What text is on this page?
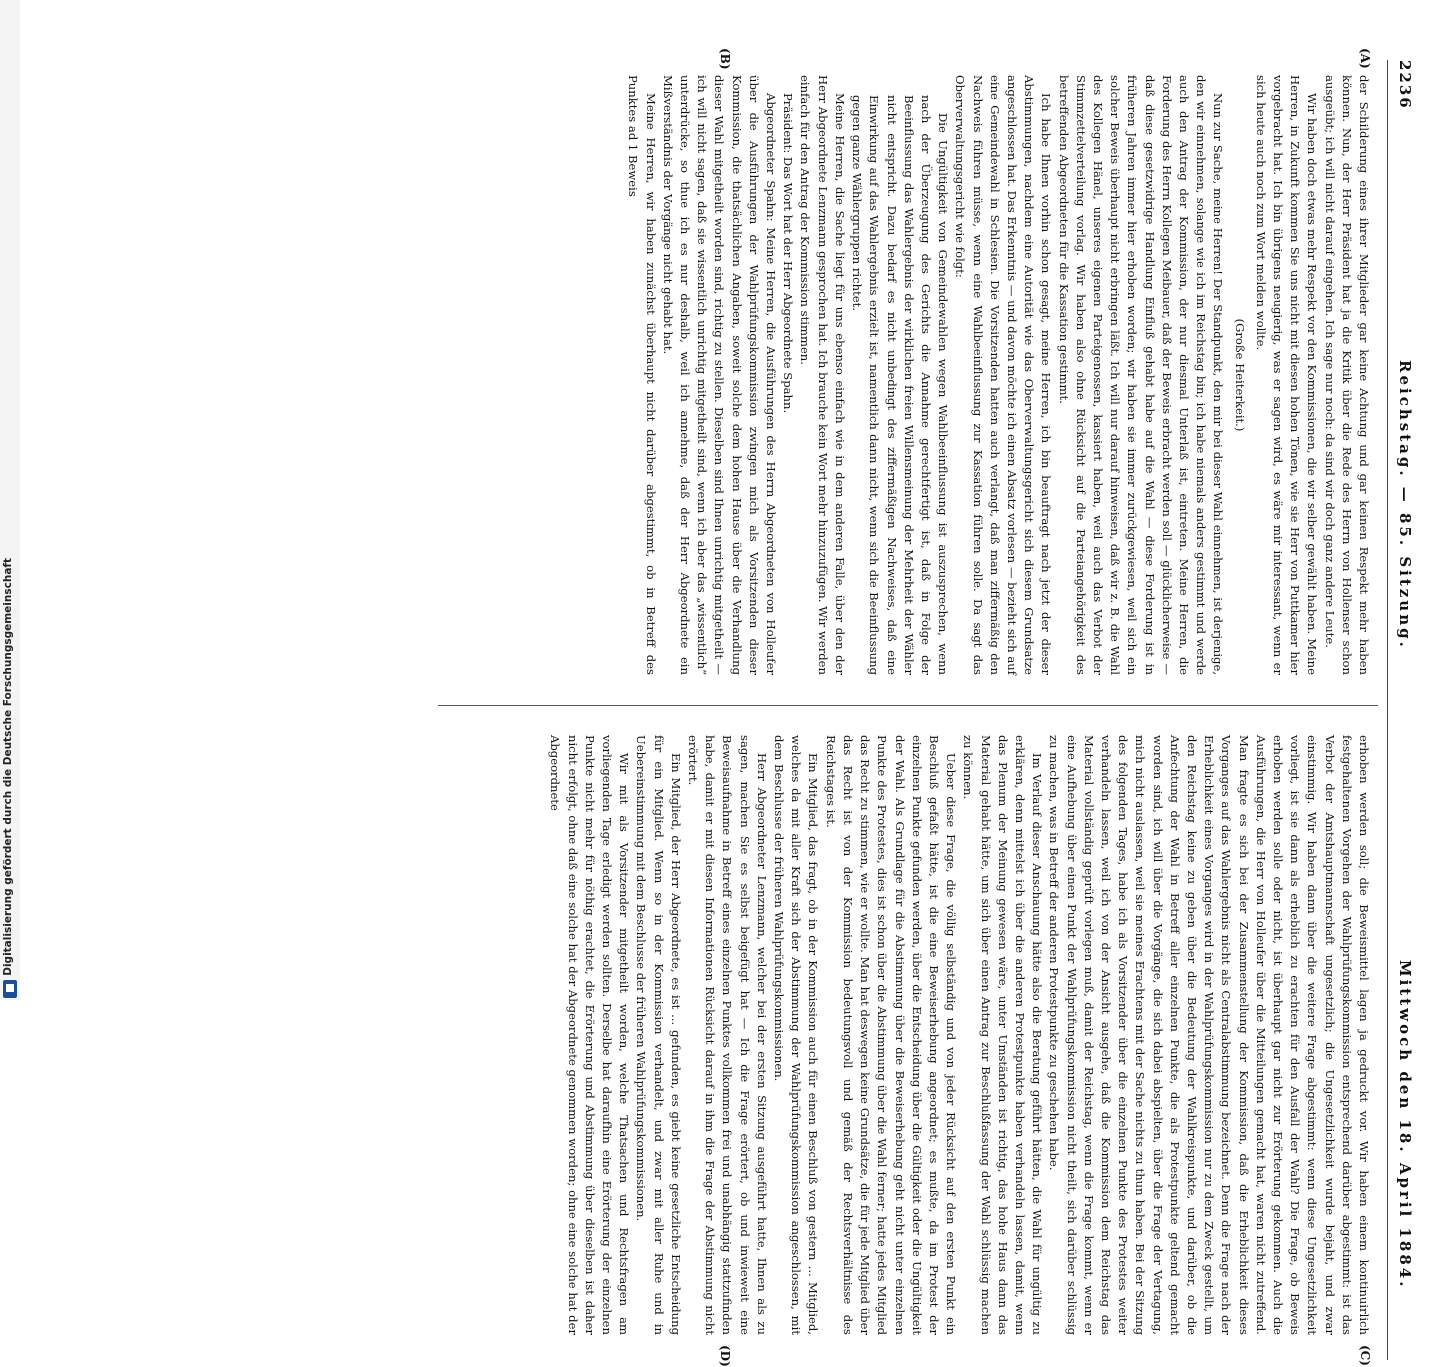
2236
Reichstag. — 85. Sitzung.
Mittwoch den 18. April 1884.
(A)
(B)
(C)
(D)

der Schilderung eines ihrer Mitglieder gar keine Achtung und gar keinen Respekt mehr haben können. Nun, der Herr Präsident hat ja die Kritik über die Rede des Herrn von Hollenser schon ausgeübt; ich will nicht darauf eingehen. Ich sage nur noch: da sind wir doch ganz andere Leute.

Wir haben doch etwas mehr Respekt vor den Kommissionen, die wir selber gewählt haben. Meine Herren, in Zukunft kommen Sie uns nicht mit diesen hohen Tönen, wie sie Herr von Puttkamer hier vorgebracht hat. Ich bin übrigens neugierig, was er sagen wird, es wäre mir interessant, wenn er sich heute auch noch zum Wort melden wollte.

(Große Heiterkeit.)

Nun zur Sache, meine Herren! Der Standpunkt, den mir bei dieser Wahl einnehmen, ist derjenige, den wir einnehmen, solange wie ich im Reichstag bin; ich habe niemals anders gestimmt und werde auch den Antrag der Kommission, der nur diesmal Unterlaß ist, eintreten. Meine Herren, die Forderung des Herrn Kollegen Meibauer, daß der Beweis erbracht werden soll — glücklicherweise — daß diese gesetzwidrige Handlung Einfluß gehabt habe auf die Wahl — diese Forderung ist in früheren Jahren immer hier erhoben worden; wir haben sie immer zurückgewiesen, weil sich ein solcher Beweis überhaupt nicht erbringen läßt. Ich will nur darauf hinweisen, daß wir z. B. die Wahl des Kollegen Hänel, unseres eigenen Parteigenossen, kassiert haben, weil auch das Verbot der Stimmzettelverteilung vorlag. Wir haben also ohne Rücksicht auf die Parteiangehörigkeit des betreffenden Abgeordneten für die Kassation gestimmt.

Ich habe Ihnen vorhin schon gesagt, meine Herren, ich bin beauftragt nach jetzt der dieser Abstimmungen, nachdem eine Autorität wie das Oberverwaltungsgericht sich diesem Grundsatze angeschlossen hat. Das Erkenntnis — und davon möchte ich einen Absatz vorlesen — bezieht sich auf eine Gemeindewahl in Schlesien. Die Vorsitzenden hatten auch verlangt, daß man ziffermäßig den Nachweis führen müsse, wenn eine Wahlbeeinflussung zur Kassation führen solle. Da sagt das Oberverwaltungsgericht wie folgt:

Die Ungültigkeit von Gemeindewahlen wegen Wahlbeeinflussung ist auszusprechen, wenn nach der Überzeugung des Gerichts die Annahme gerechtfertigt ist, daß in Folge der Beeinflussung das Wahlergebnis der wirklichen freien Willensmeinung der Mehrheit der Wähler nicht entspricht. Dazu bedarf es nicht unbedingt des ziffermäßigen Nachweises, daß eine Einwirkung auf das Wahlergebnis erzielt ist, namentlich dann nicht, wenn sich die Beeinflussung gegen ganze Wählergruppen richtet.

Meine Herren, die Sache liegt für uns ebenso einfach wie in dem anderen Falle, über den der Herr Abgeordnete Lenzmann gesprochen hat. Ich brauche kein Wort mehr hinzuzufügen. Wir werden einfach für den Antrag der Kommission stimmen.

Präsident: Das Wort hat der Herr Abgeordnete Spahn.

Abgeordneter Spahn: Meine Herren, die Ausführungen des Herrn Abgeordneten von Holleufer über die Ausführungen der Wahlprüfungskommission zwingen mich als Vorsitzenden dieser Kommission, die thatsächlichen Angaben, soweit solche dem hohen Hause über die Verhandlung dieser Wahl mitgetheilt worden sind, richtig zu stellen. Dieselben sind Ihnen unrichtig mitgetheilt — ich will nicht sagen, daß sie wissentlich unrichtig mitgetheilt sind, wenn ich aber das „wissentlich“ unterdrücke, so thue ich es nur deshalb, weil ich annehme, daß der Herr Abgeordnete ein Mißverständnis der Vorgänge nicht gehabt hat.

Meine Herren, wir haben zunächst überhaupt nicht darüber abgestimmt, ob in Betreff des Punktes ad 1 Beweis

erhoben werden soll; die Beweismittel lagen ja gedruckt vor. Wir haben einem kontinuirlich festgehaltenen Vorgehen der Wahlprüfungskommission entsprechend darüber abgestimmt: ist das Verbot der Amtshauptmannschaft ungesetzlich; die Ungesetzlichkeit wurde bejaht, und zwar einstimmig. Wir haben dann über die weitere Frage abgestimmt: wenn diese Ungesetzlichkeit vorliegt, ist sie dann als erheblich zu erachten für den Ausfall der Wahl? Die Frage, ob Beweis erhoben werden solle oder nicht, ist überhaupt gar nicht zur Erörterung gekommen. Auch die Ausführungen, die Herr von Holleufer über die Mitteilungen gemacht hat, waren nicht zutreffend. Man fragte es sich bei der Zusammenstellung der Kommission, daß die Erheblichkeit dieses Vorganges auf das Wahlergebnis nicht als Centralabstimmung bezeichnet. Denn die Frage nach der Erheblichkeit eines Vorganges wird in der Wahlprüfungskommission nur zu dem Zweck gestellt, um den Reichstag keine zu geben über die Bedeutung der Wahlkreispunkte, und darüber, ob die Anfechtung der Wahl in Betreff aller einzelnen Punkte, die als Protestpunkte geltend gemacht worden sind, ich will über die Vorgänge, die sich dabei abspielten, über die Frage der Vertagung, mich nicht auslassen, weil sie meines Erachtens mit der Sache nichts zu thun haben. Bei der Sitzung des folgenden Tages, habe ich als Vorsitzender über die einzelnen Punkte des Protestes weiter verhandeln lassen, weil ich von der Ansicht ausgehe, daß die Kommission dem Reichstag das Material vollständig geprüft vorlegen muß, damit der Reichstag, wenn die Frage kommt, wenn er eine Aufhebung über einen Punkt der Wahlprüfungskommission nicht theilt, sich darüber schlüssig zu machen, was in Betreff der anderen Protestpunkte zu geschehen habe.

Im Verlauf dieser Anschauung hätte also die Beratung geführt hätten, die Wahl für ungültig zu erklären, denn mittelst ich über die anderen Protestpunkte haben verhandeln lassen, damit, wenn das Plenum der Meinung gewesen wäre, unter Umständen ist richtig, das hohe Haus dann das Material gehabt hätte, um sich über einen Antrag zur Beschlußfassung der Wahl schlüssig machen zu können.

Ueber diese Frage, die völlig selbständig und von jeder Rücksicht auf den ersten Punkt ein Beschluß gefaßt hätte, ist die eine Beweiserhebung angeordnet; es mußte, da im Protest der einzelnen Punkte gefunden werden, über die Entscheidung über die Gültigkeit oder die Ungültigkeit der Wahl. Als Grundlage für die Abstimmung über die Beweiserhebung geht nicht unter einzelnen Punkte des Protestes, dies ist schon über die Abstimmung über die Wahl ferner; hatte jedes Mitglied das Recht zu stimmen, wie er wollte. Man hat deswegen keine Grundsätze, die für jede Mitglied über das Recht ist von der Kommission bedeutungsvoll und gemäß der Rechtsverhältnisse des Reichstages ist.

Ein Mitglied, das fragt, ob in der Kommission auch für einen Beschluß von gestern ... Mitglied, welches da mit aller Kraft sich der Abstimmung der Wahlprüfungskommission angeschlossen, mit dem Beschlusse der früheren Wahlprüfungskommissionen.

Herr Abgeordneter Lenzmann, welcher bei der ersten Sitzung ausgeführt hatte, Ihnen als zu sagen, machen Sie es selbst beigefügt hat — Ich die Frage erörtert, ob und inwieweit eine Beweisaufnahme in Betreff eines einzelnen Punktes vollkommen frei und unabhängig stattzufinden habe, damit er mit diesen Informationen Rücksicht darauf in ihm die Frage der Abstimmung nicht erörtert.

Ein Mitglied, der Herr Abgeordnete, es ist ... gefunden, es giebt keine gesetzliche Entscheidung für ein Mitglied. Wenn so in der Kommission verhandelt, und zwar mit aller Ruhe und in Uebereinstimmung mit dem Beschlusse der früheren Wahlprüfungskommissionen.

Wir mit als Vorsitzender mitgetheilt worden, welche Thatsachen und Rechtsfragen am vorliegenden Tage erledigt werden sollten. Derselbe hat daraufhin eine Erörterung der einzelnen Punkte nicht mehr für nöthig erachtet, die Erörterung und Abstimmung über dieselben ist daher nicht erfolgt, ohne daß eine solche hat der Abgeordnete genommen worden; ohne eine solche hat der Abgeordnete

Digitalisierung gefördert durch die Deutsche Forschungsgemeinschaft
